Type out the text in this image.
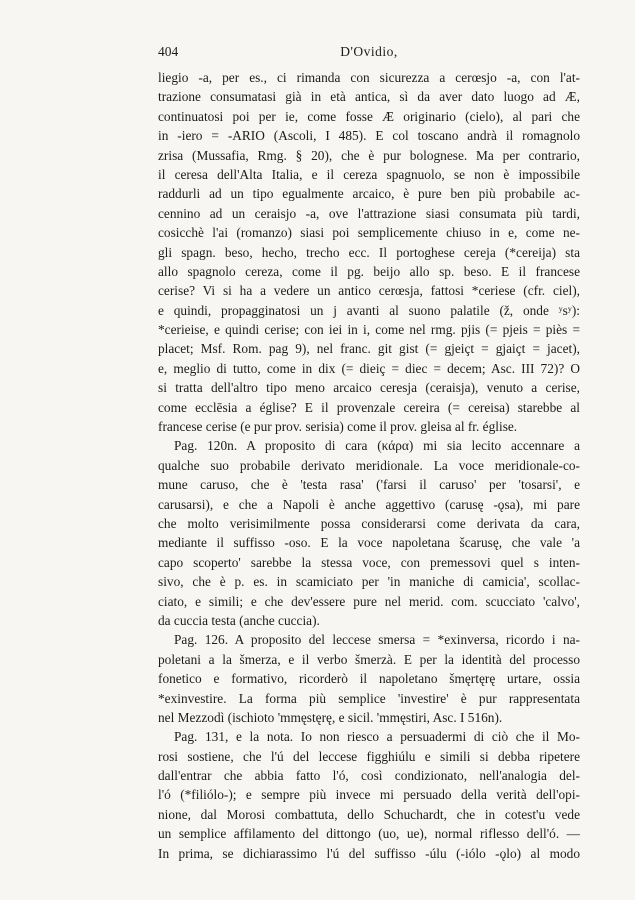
404	D'Ovidio,
liegio -a, per es., ci rimanda con sicurezza a cerœsjo -a, con l'at-
trazione consumatasi già in età antica, sì da aver dato luogo ad Æ,
continuatosi poi per ie, come fosse Æ originario (cielo), al pari che
in -iero = -ARIO (Ascoli, I 485). E col toscano andrà il romagnolo
zrisa (Mussafia, Rmg. § 20), che è pur bolognese. Ma per contrario,
il ceresa dell'Alta Italia, e il cereza spagnuolo, se non è impossibile
raddurli ad un tipo egualmente arcaico, è pure ben più probabile ac-
cennino ad un ceraisjo -a, ove l'attrazione siasi consumata più tardi,
cosicchè l'ai (romanzo) siasi poi semplicemente chiuso in e, come ne-
gli spagn. beso, hecho, trecho ecc. Il portoghese cereja (*cereija) sta
allo spagnolo cereza, come il pg. beijo allo sp. beso. E il francese
cerise? Vi si ha a vedere un antico cerœsja, fattosi *ceriese (cfr. ciel),
e quindi, propagginatosi un j avanti al suono palatile (ž, onde ʸsʸ):
*cerieise, e quindi cerise; con iei in i, come nel rmg. pjis (= pjeis = piès =
placet; Msf. Rom. pag 9), nel franc. git gist (= gjeiçt = gjaiçt = jacet),
e, meglio di tutto, come in dix (= dieiç = diec = decem; Asc. III 72)? O
si tratta dell'altro tipo meno arcaico ceresja (ceraisja), venuto a cerise,
come ecclēsia a église? E il provenzale cereira (= cereisa) starebbe al
francese cerise (e pur prov. serisia) come il prov. gleisa al fr. église.
Pag. 120n. A proposito di cara (κάρα) mi sia lecito accennare a
qualche suo probabile derivato meridionale. La voce meridionale-co-
mune caruso, che è 'testa rasa' ('farsi il caruso' per 'tosarsi', e
carusarsi), e che a Napoli è anche aggettivo (carusę -ǫsa), mi pare
che molto verisimilmente possa considerarsi come derivata da cara,
mediante il suffisso -oso. E la voce napoletana šcarusę, che vale 'a
capo scoperto' sarebbe la stessa voce, con premessovi quel s inten-
sivo, che è p. es. in scamiciato per 'in maniche di camicia', scollac-
ciato, e simili; e che dev'essere pure nel merid. com. scucciato 'calvo',
da cuccia testa (anche cuccia).
Pag. 126. A proposito del leccese smersa = *exinversa, ricordo i na-
poletani a la šmerza, e il verbo šmerzà. E per la identità del processo
fonetico e formativo, ricorderò il napoletano šmęrtęrę urtare, ossia
*exinvestire. La forma più semplice 'investire' è pur rappresentata
nel Mezzodì (ischioto 'mmęstęrę, e sicil. 'mmęstiri, Asc. I 516n).
Pag. 131, e la nota. Io non riesco a persuadermi di ciò che il Mo-
rosi sostiene, che l'ú del leccese figghiúlu e simili si debba ripetere
dall'entrar che abbia fatto l'ó, così condizionato, nell'analogia del-
l'ó (*filiólo-); e sempre più invece mi persuado della verità dell'opi-
nione, dal Morosi combattuta, dello Schuchardt, che in cotest'u vede
un semplice affilamento del dittongo (uo, ue), normal riflesso dell'ó. —
In prima, se dichiarassimo l'ú del suffisso -úlu (-iólo -ǫlo) al modo
